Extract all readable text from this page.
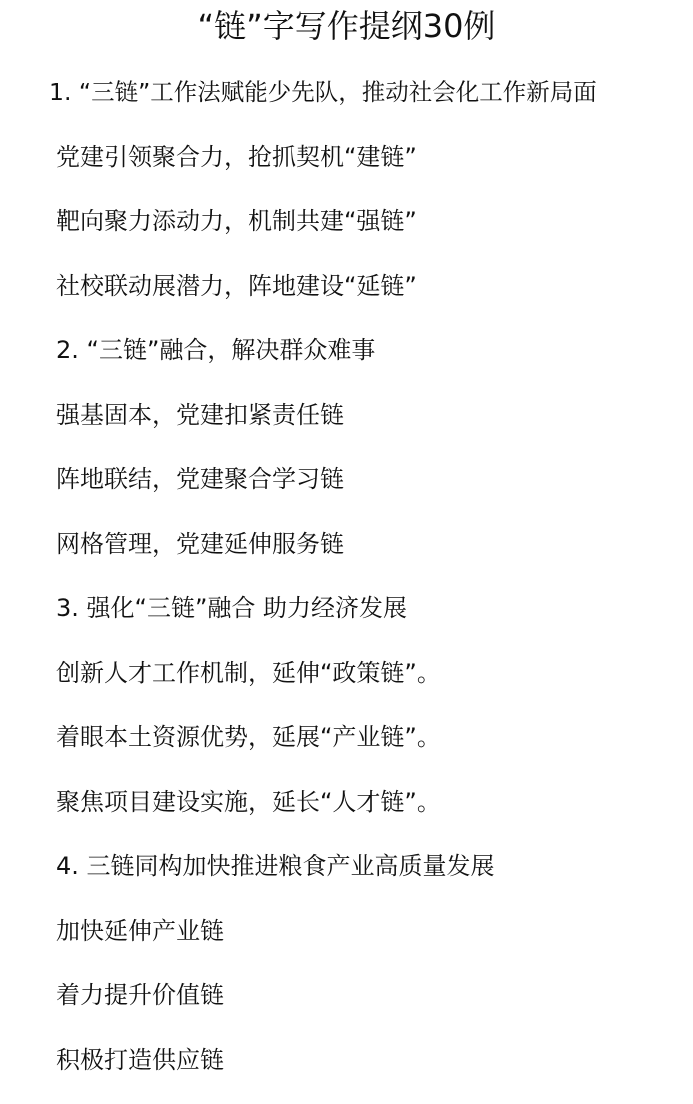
“链”字写作提纲30例
1. “三链”工作法赋能少先队，推动社会化工作新局面
党建引领聚合力，抢抓契机“建链”
靶向聚力添动力，机制共建“强链”
社校联动展潜力，阵地建设“延链”
2. “三链”融合，解决群众难事
强基固本，党建扣紧责任链
阵地联结，党建聚合学习链
网格管理，党建延伸服务链
3. 强化“三链”融合 助力经济发展
创新人才工作机制，延伸“政策链”。
着眼本土资源优势，延展“产业链”。
聚焦项目建设实施，延长“人才链”。
4. 三链同构加快推进粮食产业高质量发展
加快延伸产业链
着力提升价值链
积极打造供应链
